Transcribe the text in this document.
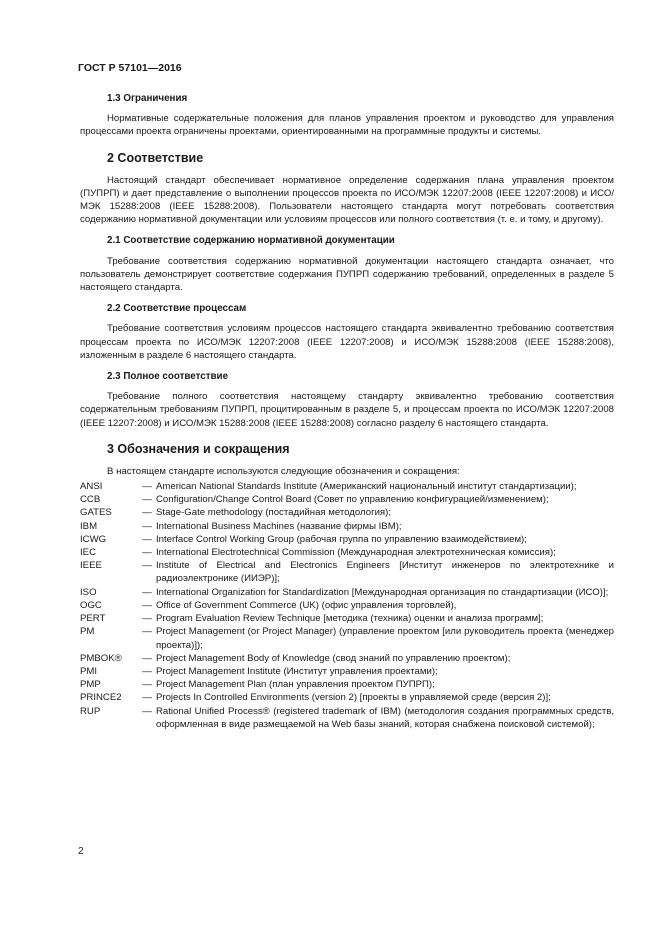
ГОСТ Р 57101—2016
1.3 Ограничения

Нормативные содержательные положения для планов управления проектом и руководство для управления процессами проекта ограничены проектами, ориентированными на программные продукты и системы.

2 Соответствие

Настоящий стандарт обеспечивает нормативное определение содержания плана управления проектом (ПУПРП) и дает представление о выполнении процессов проекта по ИСО/МЭК 12207:2008 (IEEE 12207:2008) и ИСО/МЭК 15288:2008 (IEEE 15288:2008). Пользователи настоящего стандарта могут потребовать соответствия содержанию нормативной документации или условиям процессов или полного соответствия (т. е. и тому, и другому).

2.1 Соответствие содержанию нормативной документации

Требование соответствия содержанию нормативной документации настоящего стандарта означает, что пользователь демонстрирует соответствие содержания ПУПРП содержанию требований, определенных в разделе 5 настоящего стандарта.

2.2 Соответствие процессам

Требование соответствия условиям процессов настоящего стандарта эквивалентно требованию соответствия процессам проекта по ИСО/МЭК 12207:2008 (IEEE 12207:2008) и ИСО/МЭК 15288:2008 (IEEE 15288:2008), изложенным в разделе 6 настоящего стандарта.

2.3 Полное соответствие

Требование полного соответствия настоящему стандарту эквивалентно требованию соответствия содержательным требованиям ПУПРП, процитированным в разделе 5, и процессам проекта по ИСО/МЭК 12207:2008 (IEEE 12207:2008) и ИСО/МЭК 15288:2008 (IEEE 15288:2008) согласно разделу 6 настоящего стандарта.

3 Обозначения и сокращения

В настоящем стандарте используются следующие обозначения и сокращения:

ANSI	— American National Standards Institute (Американский национальный институт стандартизации);
CCB	— Configuration/Change Control Board (Совет по управлению конфигурацией/изменением);
GATES	— Stage-Gate methodology (постадийная методология);
IBM	— International Business Machines (название фирмы IBM);
ICWG	— Interface Control Working Group (рабочая группа по управлению взаимодействием);
IEC	— International Electrotechnical Commission (Международная электротехническая комиссия);
IEEE	— Institute of Electrical and Electronics Engineers [Институт инженеров по электротехнике и радиоэлектронике (ИИЭР)];
ISO	— International Organization for Standardization [Международная организация по стандартизации (ИСО)];
OGC	— Office of Government Commerce (UK) (офис управления торговлей),
PERT	— Program Evaluation Review Technique [методика (техника) оценки и анализа программ];
PM	— Project Management (or Project Manager) (управление проектом [или руководитель проекта (менеджер проекта)]);
PMBOK®	— Project Management Body of Knowledge (свод знаний по управлению проектом);
PMI	— Project Management Institute (Институт управления проектами);
PMP	— Project Management Plan (план управления проектом ПУПРП);
PRINCE2	— Projects In Controlled Environments (version 2) [проекты в управляемой среде (версия 2)];
RUP	— Rational Unified Process® (registered trademark of IBM) (методология создания программных средств, оформленная в виде размещаемой на Web базы знаний, которая снабжена поисковой системой);
2
